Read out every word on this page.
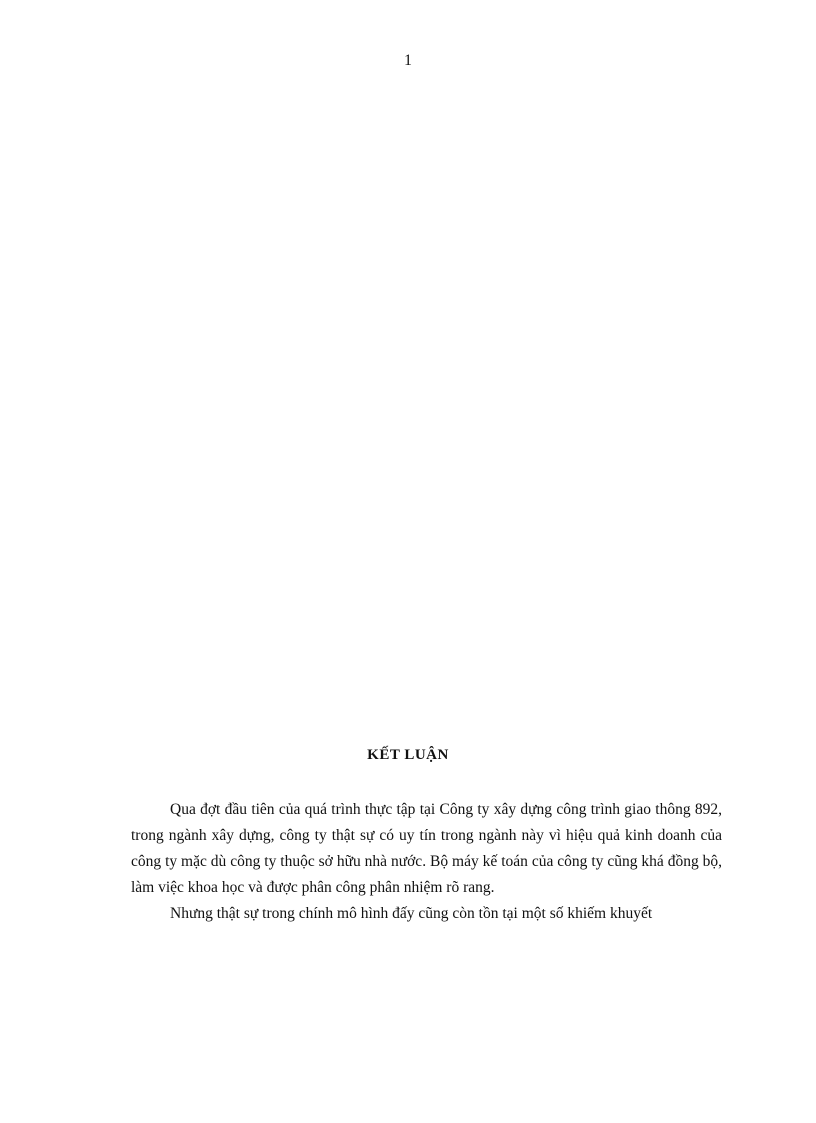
1
KẾT LUẬN

Qua đợt đầu tiên của quá trình thực tập tại Công ty xây dựng công trình giao thông 892, trong ngành xây dựng, công ty thật sự có uy tín trong ngành này vì hiệu quả kinh doanh của công ty mặc dù công ty thuộc sở hữu nhà nước. Bộ máy kế toán của công ty cũng khá đồng bộ, làm việc khoa học và được phân công phân nhiệm rõ rang.

Nhưng thật sự trong chính mô hình đấy cũng còn tồn tại một số khiếm khuyết
